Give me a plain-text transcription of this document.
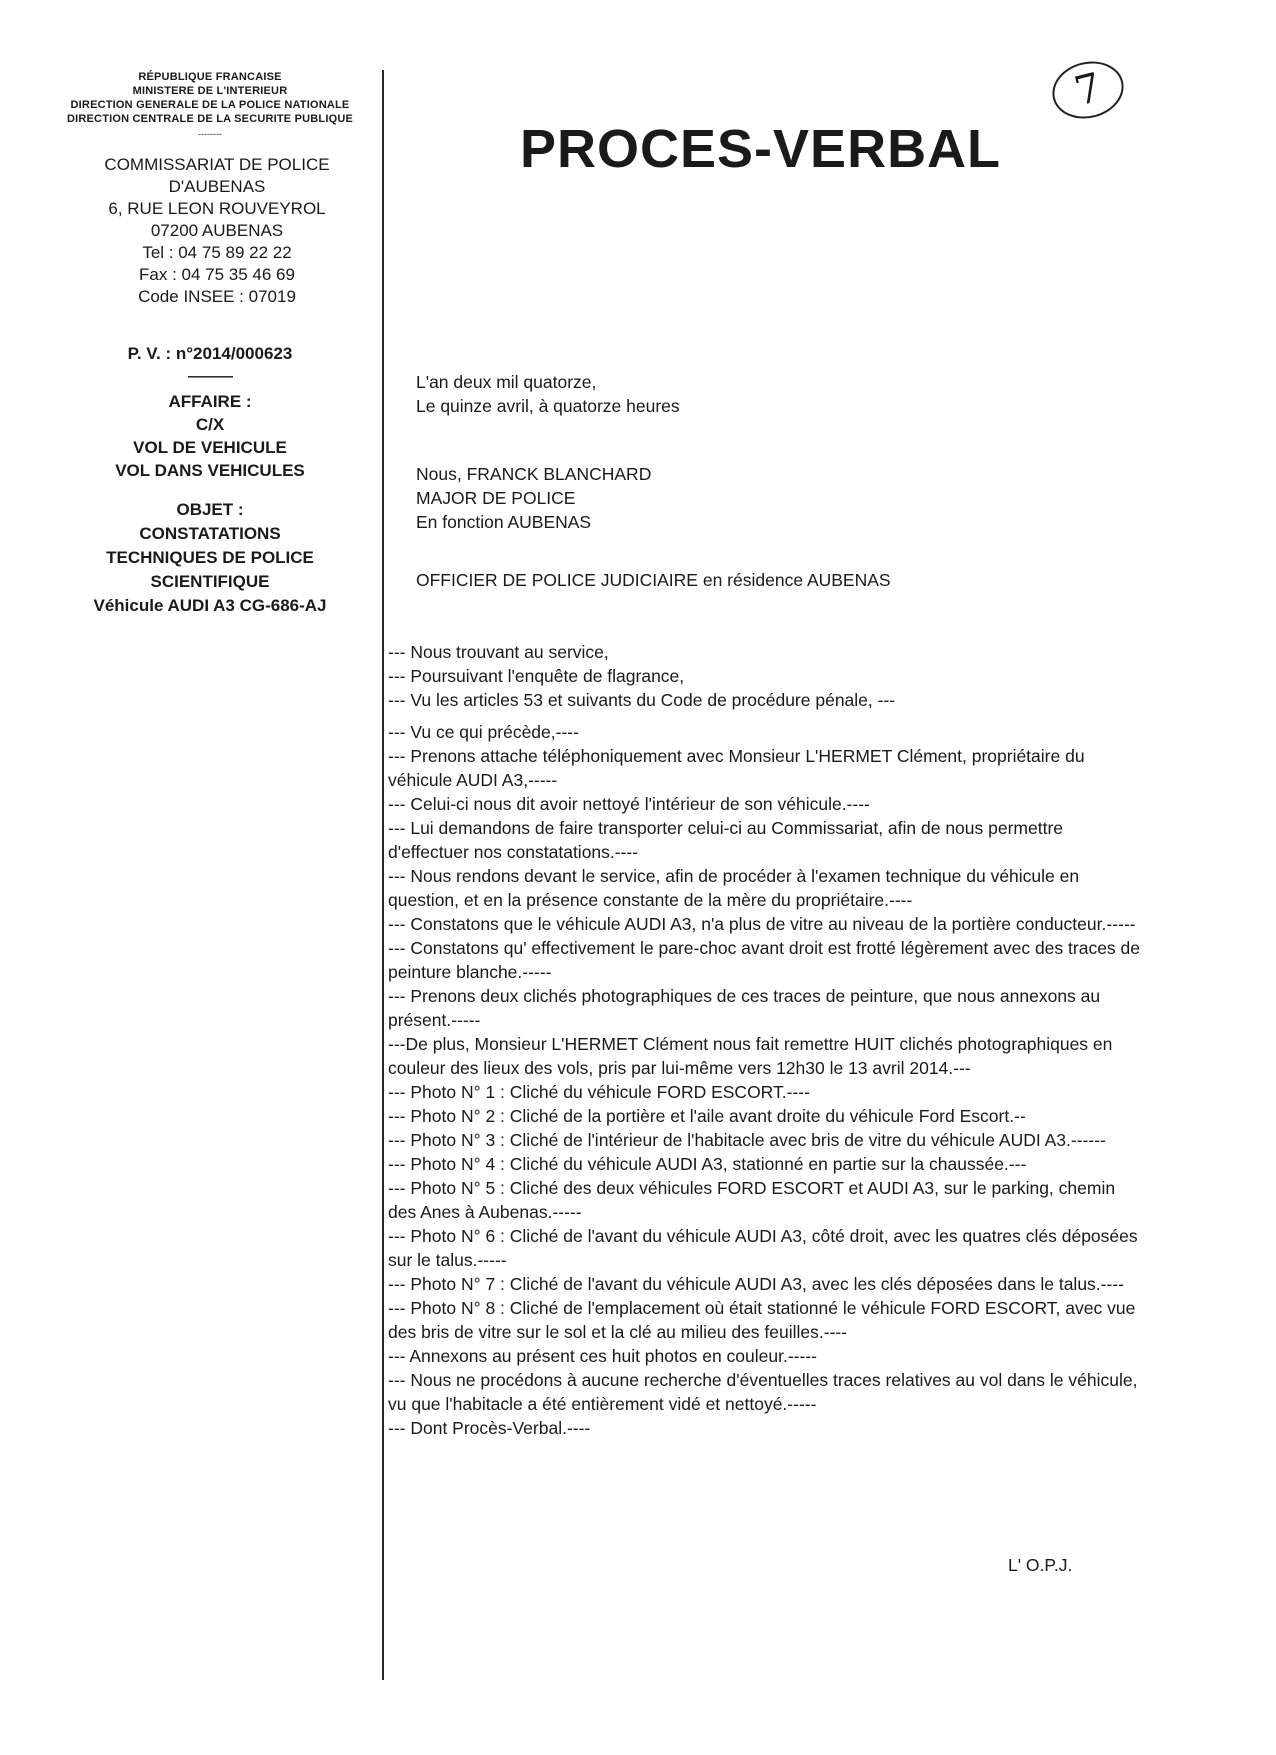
RÉPUBLIQUE FRANCAISE
MINISTERE DE L'INTERIEUR
DIRECTION GENERALE DE LA POLICE NATIONALE
DIRECTION CENTRALE DE LA SECURITE PUBLIQUE
--------
COMMISSARIAT DE POLICE
D'AUBENAS
6, RUE LEON ROUVEYROL
07200 AUBENAS
Tel : 04 75 89 22 22
Fax : 04 75 35 46 69
Code INSEE : 07019
P. V. : n°2014/000623
---------------
AFFAIRE :
C/X
VOL DE VEHICULE
VOL DANS VEHICULES
OBJET :
CONSTATATIONS
TECHNIQUES DE POLICE
SCIENTIFIQUE
Véhicule AUDI A3 CG-686-AJ
7
PROCES-VERBAL
L'an deux mil quatorze,
Le quinze avril, à quatorze heures
Nous, FRANCK BLANCHARD
MAJOR DE POLICE
En fonction AUBENAS
OFFICIER DE POLICE JUDICIAIRE en résidence AUBENAS

--- Nous trouvant au service,

--- Poursuivant l'enquête de flagrance,

--- Vu les articles 53 et suivants du Code de procédure pénale, ---

--- Vu ce qui précède,----

--- Prenons attache téléphoniquement avec Monsieur L'HERMET Clément, propriétaire du véhicule AUDI A3,-----

--- Celui-ci nous dit avoir nettoyé l'intérieur de son véhicule.----

--- Lui demandons de faire transporter celui-ci au Commissariat, afin de nous permettre d'effectuer nos constatations.----

--- Nous rendons devant le service, afin de procéder à l'examen technique du véhicule en question, et en la présence constante de la mère du propriétaire.----

--- Constatons que le véhicule AUDI A3, n'a plus de vitre au niveau de la portière conducteur.-----

--- Constatons qu' effectivement le pare-choc avant droit est frotté légèrement avec des traces de peinture blanche.-----

--- Prenons deux clichés photographiques de ces traces de peinture, que nous annexons au présent.-----

---De plus, Monsieur L'HERMET Clément nous fait remettre HUIT clichés photographiques en couleur des lieux des vols, pris par lui-même vers 12h30 le 13 avril 2014.---

--- Photo N° 1 : Cliché du véhicule FORD ESCORT.----

--- Photo N° 2 : Cliché de la portière et l'aile avant droite du véhicule Ford Escort.--

--- Photo N° 3 : Cliché de l'intérieur de l'habitacle avec bris de vitre du véhicule AUDI A3.------

--- Photo N° 4 : Cliché du véhicule AUDI A3, stationné en partie sur la chaussée.---

--- Photo N° 5 : Cliché des deux véhicules FORD ESCORT et AUDI A3, sur le parking, chemin des Anes à Aubenas.-----

--- Photo N° 6 : Cliché de l'avant du véhicule AUDI A3, côté droit, avec les quatres clés déposées sur le talus.-----

--- Photo N° 7 : Cliché de l'avant du véhicule AUDI A3, avec les clés déposées dans le talus.----

--- Photo N° 8 : Cliché de l'emplacement où était stationné le véhicule FORD ESCORT, avec vue des bris de vitre sur le sol et la clé au milieu des feuilles.----

--- Annexons au présent ces huit photos en couleur.-----

--- Nous ne procédons à aucune recherche d'éventuelles traces relatives au vol dans le véhicule, vu que l'habitacle a été entièrement vidé et nettoyé.-----

--- Dont Procès-Verbal.----

L' O.P.J.
